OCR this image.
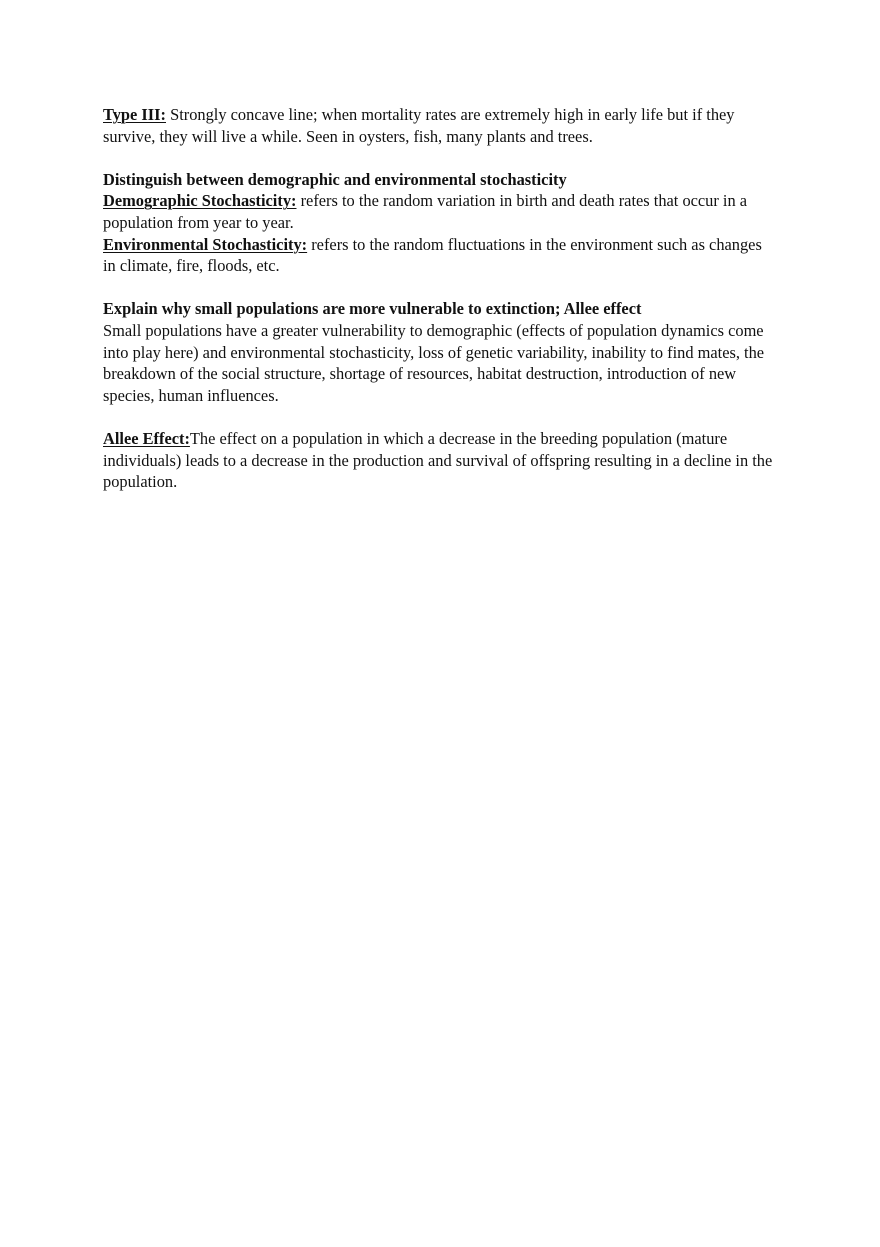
Type III: Strongly concave line; when mortality rates are extremely high in early life but if they survive, they will live a while. Seen in oysters, fish, many plants and trees.

Distinguish between demographic and environmental stochasticity

Demographic Stochasticity: refers to the random variation in birth and death rates that occur in a population from year to year.

Environmental Stochasticity: refers to the random fluctuations in the environment such as changes in climate, fire, floods, etc.

Explain why small populations are more vulnerable to extinction; Allee effect

Small populations have a greater vulnerability to demographic (effects of population dynamics come into play here) and environmental stochasticity, loss of genetic variability, inability to find mates, the breakdown of the social structure, shortage of resources, habitat destruction, introduction of new species, human influences.

Allee Effect:The effect on a population in which a decrease in the breeding population (mature individuals) leads to a decrease in the production and survival of offspring resulting in a decline in the population.
